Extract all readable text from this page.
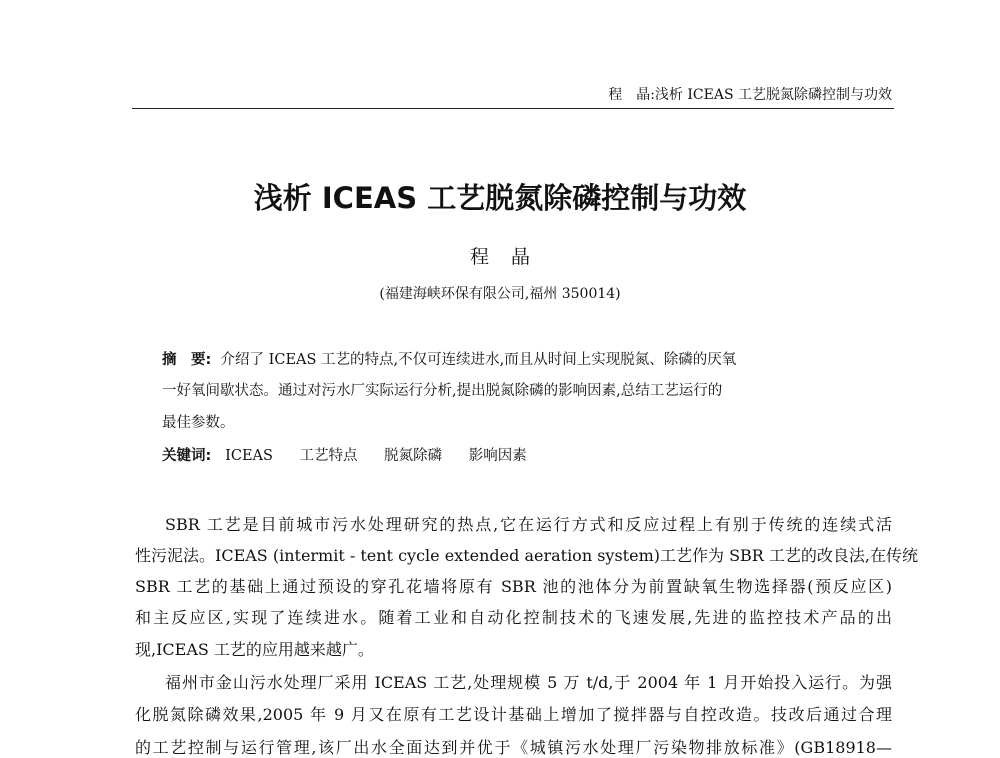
程　晶:浅析 ICEAS 工艺脱氮除磷控制与功效
浅析 ICEAS 工艺脱氮除磷控制与功效
程晶
(福建海峡环保有限公司,福州 350014)
摘　要: 介绍了 ICEAS 工艺的特点,不仅可连续进水,而且从时间上实现脱氮、除磷的厌氧
一好氧间歇状态。通过对污水厂实际运行分析,提出脱氮除磷的影响因素,总结工艺运行的
最佳参数。
关键词: ICEAS 工艺特点 脱氮除磷 影响因素
SBR 工艺是目前城市污水处理研究的热点,它在运行方式和反应过程上有别于传统的连续式活
性污泥法。ICEAS (intermit - tent cycle extended aeration system)工艺作为 SBR 工艺的改良法,在传统
SBR 工艺的基础上通过预设的穿孔花墙将原有 SBR 池的池体分为前置缺氧生物选择器(预反应区)
和主反应区,实现了连续进水。随着工业和自动化控制技术的飞速发展,先进的监控技术产品的出
现,ICEAS 工艺的应用越来越广。
福州市金山污水处理厂采用 ICEAS 工艺,处理规模 5 万 t/d,于 2004 年 1 月开始投入运行。为强
化脱氮除磷效果,2005 年 9 月又在原有工艺设计基础上增加了搅拌器与自控改造。技改后通过合理
的工艺控制与运行管理,该厂出水全面达到并优于《城镇污水处理厂污染物排放标准》(GB18918—
